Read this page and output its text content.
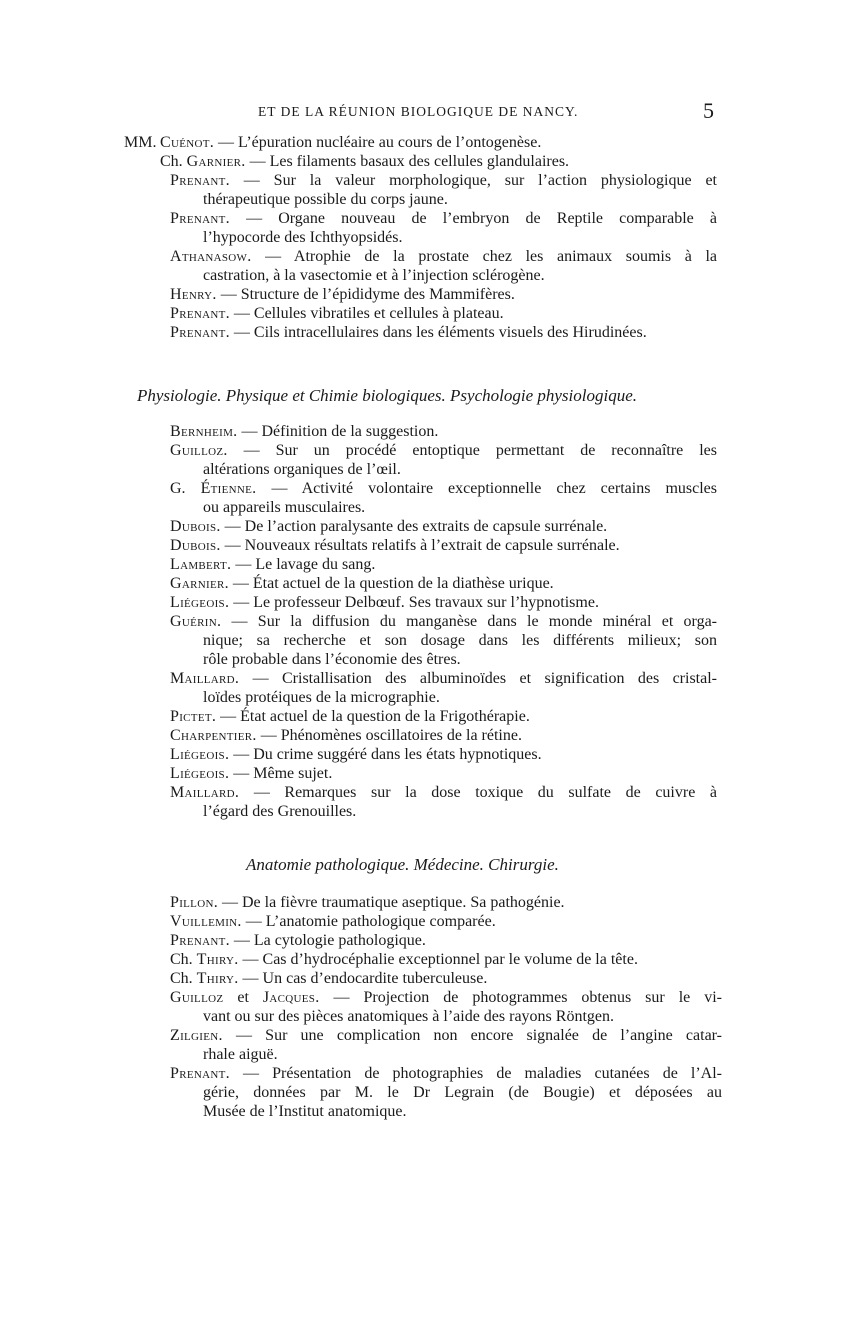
ET DE LA RÉUNION BIOLOGIQUE DE NANCY.	5
MM. Cuénot. — L’épuration nucléaire au cours de l’ontogenèse.
Ch. Garnier. — Les filaments basaux des cellules glandulaires.
Prenant. — Sur la valeur morphologique, sur l’action physiologique et
thérapeutique possible du corps jaune.
Prenant. — Organe nouveau de l’embryon de Reptile comparable à
l’hypocorde des Ichthyopsidés.
Athanasow. — Atrophie de la prostate chez les animaux soumis à la
castration, à la vasectomie et à l’injection sclérogène.
Henry. — Structure de l’épididyme des Mammifères.
Prenant. — Cellules vibratiles et cellules à plateau.
Prenant. — Cils intracellulaires dans les éléments visuels des Hirudinées.
Physiologie. Physique et Chimie biologiques. Psychologie physiologique.
Bernheim. — Définition de la suggestion.
Guilloz. — Sur un procédé entoptique permettant de reconnaître les
altérations organiques de l’œil.
G. Étienne. — Activité volontaire exceptionnelle chez certains muscles
ou appareils musculaires.
Dubois. — De l’action paralysante des extraits de capsule surrénale.
Dubois. — Nouveaux résultats relatifs à l’extrait de capsule surrénale.
Lambert. — Le lavage du sang.
Garnier. — État actuel de la question de la diathèse urique.
Liégeois. — Le professeur Delbœuf. Ses travaux sur l’hypnotisme.
Guérin. — Sur la diffusion du manganèse dans le monde minéral et orga-
nique; sa recherche et son dosage dans les différents milieux; son
rôle probable dans l’économie des êtres.
Maillard. — Cristallisation des albuminoïdes et signification des cristal-
loïdes protéiques de la micrographie.
Pictet. — État actuel de la question de la Frigothérapie.
Charpentier. — Phénomènes oscillatoires de la rétine.
Liégeois. — Du crime suggéré dans les états hypnotiques.
Liégeois. — Même sujet.
Maillard. — Remarques sur la dose toxique du sulfate de cuivre à
l’égard des Grenouilles.
Anatomie pathologique. Médecine. Chirurgie.
Pillon. — De la fièvre traumatique aseptique. Sa pathogénie.
Vuillemin. — L’anatomie pathologique comparée.
Prenant. — La cytologie pathologique.
Ch. Thiry. — Cas d’hydrocéphalie exceptionnel par le volume de la tête.
Ch. Thiry. — Un cas d’endocardite tuberculeuse.
Guilloz et Jacques. — Projection de photogrammes obtenus sur le vi-
vant ou sur des pièces anatomiques à l’aide des rayons Röntgen.
Zilgien. — Sur une complication non encore signalée de l’angine catar-
rhale aiguë.
Prenant. — Présentation de photographies de maladies cutanées de l’Al-
gérie, données par M. le Dr Legrain (de Bougie) et déposées au
Musée de l’Institut anatomique.
